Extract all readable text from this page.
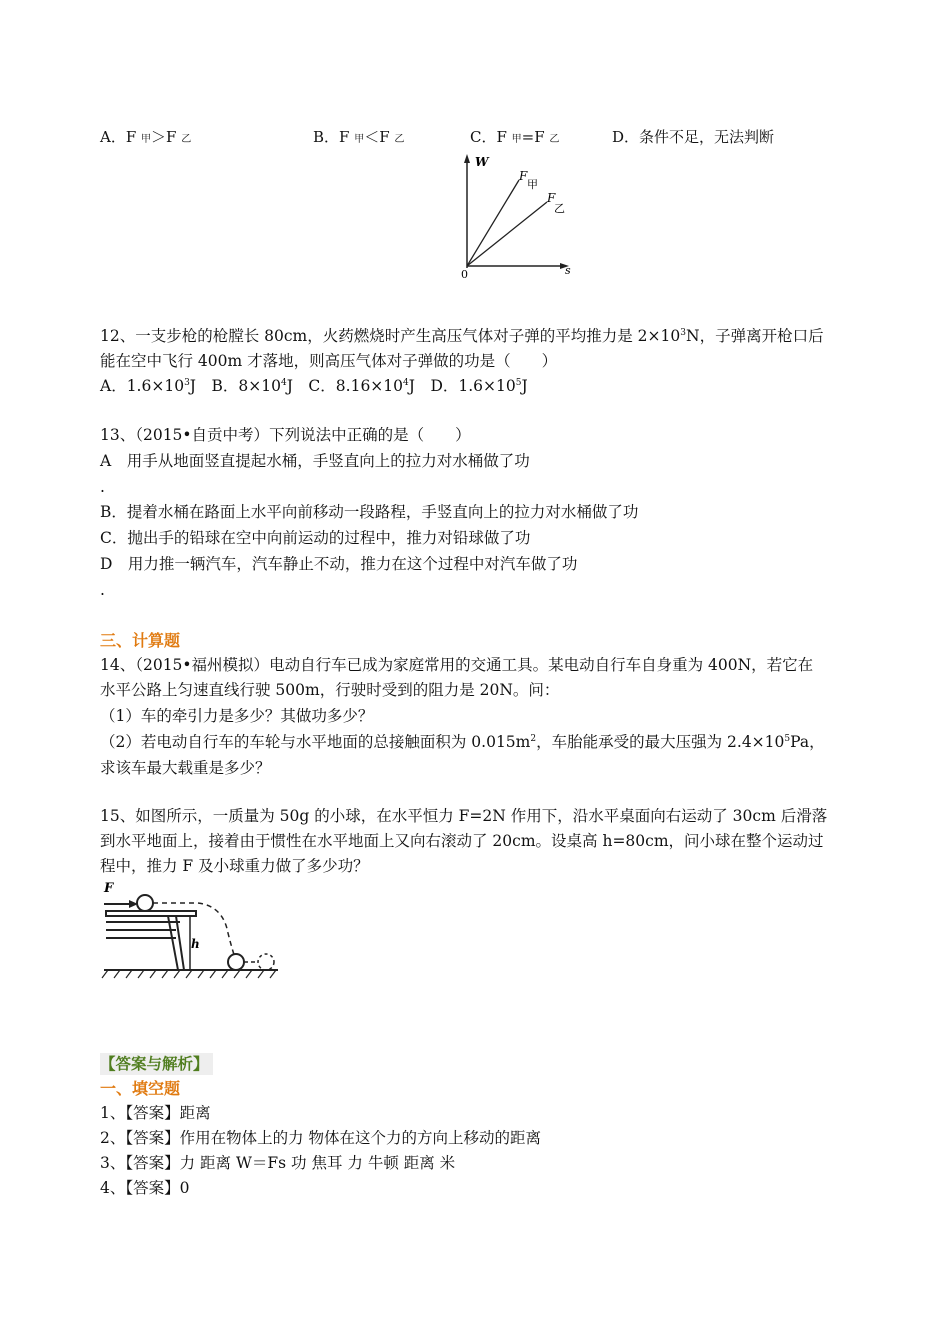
A．F 甲＞F 乙	B．F 甲＜F 乙	C．F 甲=F 乙	D．条件不足，无法判断
W
s
0
F
甲
F
乙
12、一支步枪的枪膛长 80cm，火药燃烧时产生高压气体对子弹的平均推力是 $2\times 10^3N$，子弹离开枪口后
能在空中飞行 400m 才落地，则高压气体对子弹做的功是（　　）
A．$1.6\times 10^3J$　B．$8\times 10^4J$　C．$8.16\times 10^4J$　D．$1.6\times 10^5J$
13、（2015•自贡中考）下列说法中正确的是（　　）
A　用手从地面竖直提起水桶，手竖直向上的拉力对水桶做了功
.
B．提着水桶在路面上水平向前移动一段路程，手竖直向上的拉力对水桶做了功
C．抛出手的铅球在空中向前运动的过程中，推力对铅球做了功
D　用力推一辆汽车，汽车静止不动，推力在这个过程中对汽车做了功
.
三、计算题
14、（2015•福州模拟）电动自行车已成为家庭常用的交通工具。某电动自行车自身重为 400N，若它在
水平公路上匀速直线行驶 500m，行驶时受到的阻力是 20N。问：
（1）车的牵引力是多少？其做功多少？
（2）若电动自行车的车轮与水平地面的总接触面积为 $0.015m^2$，车胎能承受的最大压强为 $2.4\times 10^5Pa$，
求该车最大载重是多少？
15、如图所示，一质量为 50g 的小球，在水平恒力 F=2N 作用下，沿水平桌面向右运动了 30cm 后滑落
到水平地面上，接着由于惯性在水平地面上又向右滚动了 20cm。设桌高 h=80cm，问小球在整个运动过
程中，推力 F 及小球重力做了多少功？
F
h
【答案与解析】
一、填空题
1、【答案】距离
2、【答案】作用在物体上的力 物体在这个力的方向上移动的距离
3、【答案】力 距离 W＝Fs 功 焦耳 力 牛顿 距离 米
4、【答案】0
